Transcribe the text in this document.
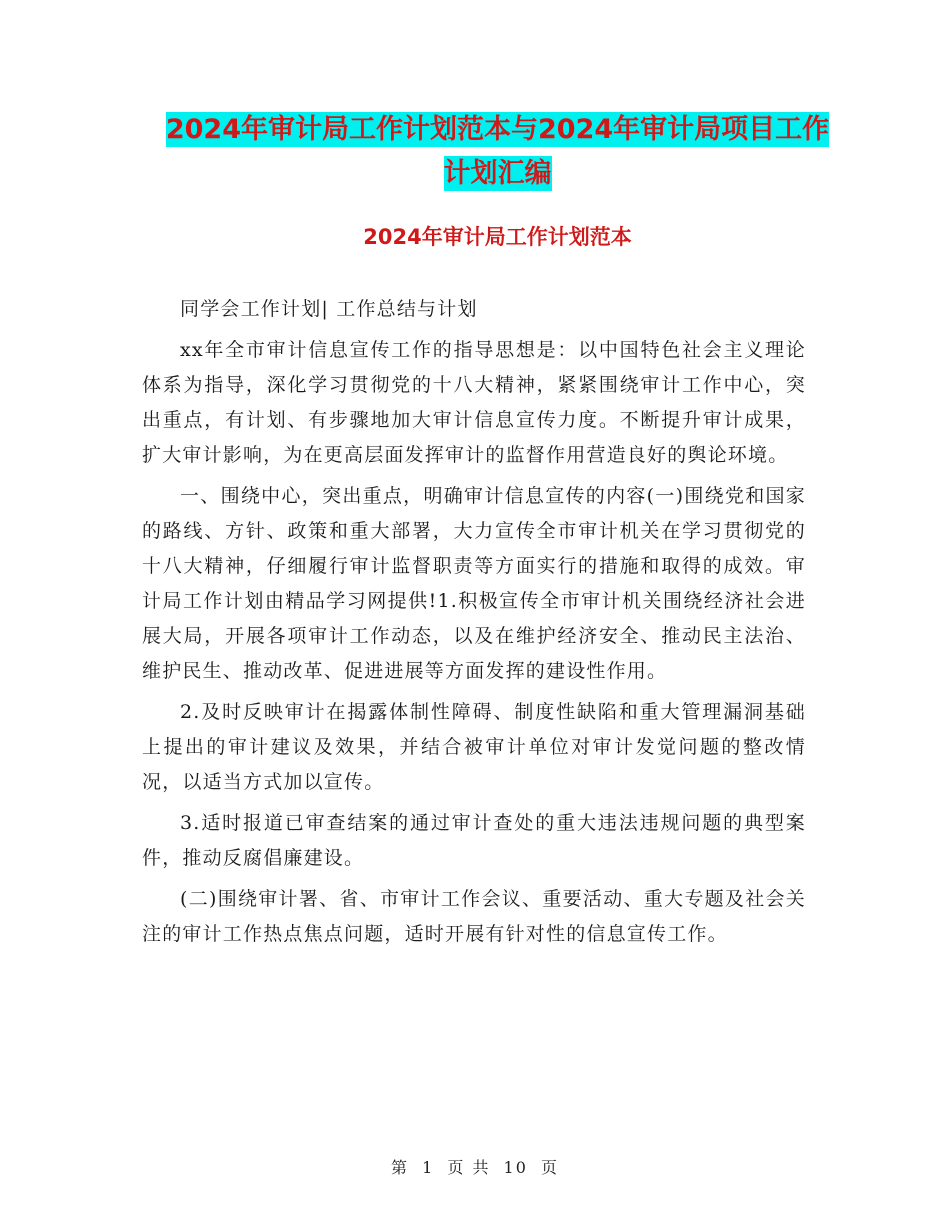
2024年审计局工作计划范本与2024年审计局项目工作
计划汇编
2024年审计局工作计划范本

同学会工作计划| 工作总结与计划

xx年全市审计信息宣传工作的指导思想是：以中国特色社会主义理论体系为指导，深化学习贯彻党的十八大精神，紧紧围绕审计工作中心，突出重点，有计划、有步骤地加大审计信息宣传力度。不断提升审计成果，扩大审计影响，为在更高层面发挥审计的监督作用营造良好的舆论环境。

一、围绕中心，突出重点，明确审计信息宣传的内容(一)围绕党和国家的路线、方针、政策和重大部署，大力宣传全市审计机关在学习贯彻党的十八大精神，仔细履行审计监督职责等方面实行的措施和取得的成效。审计局工作计划由精品学习网提供!1.积极宣传全市审计机关围绕经济社会进展大局，开展各项审计工作动态，以及在维护经济安全、推动民主法治、维护民生、推动改革、促进进展等方面发挥的建设性作用。

2.及时反映审计在揭露体制性障碍、制度性缺陷和重大管理漏洞基础上提出的审计建议及效果，并结合被审计单位对审计发觉问题的整改情况，以适当方式加以宣传。

3.适时报道已审查结案的通过审计查处的重大违法违规问题的典型案件，推动反腐倡廉建设。

(二)围绕审计署、省、市审计工作会议、重要活动、重大专题及社会关注的审计工作热点焦点问题，适时开展有针对性的信息宣传工作。

第 1 页 共 10 页
